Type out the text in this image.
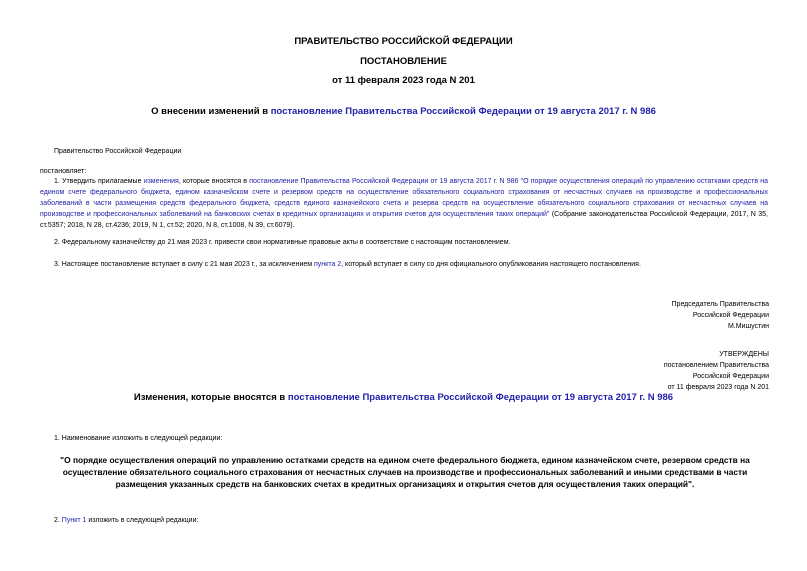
ПРАВИТЕЛЬСТВО РОССИЙСКОЙ ФЕДЕРАЦИИ
ПОСТАНОВЛЕНИЕ
от 11 февраля 2023 года N 201
О внесении изменений в постановление Правительства Российской Федерации от 19 августа 2017 г. N 986
Правительство Российской Федерации
постановляет:
1. Утвердить прилагаемые изменения, которые вносятся в постановление Правительства Российской Федерации от 19 августа 2017 г. N 986 "О порядке осуществления операций по управлению остатками средств на едином счете федерального бюджета, едином казначейском счете и резервом средств на осуществление обязательного социального страхования от несчастных случаев на производстве и профессиональных заболеваний в части размещения средств федерального бюджета, средств единого казначейского счета и резерва средств на осуществление обязательного социального страхования от несчастных случаев на производстве и профессиональных заболеваний на банковских счетах в кредитных организациях и открытия счетов для осуществления таких операций" (Собрание законодательства Российской Федерации, 2017, N 35, ст.5357; 2018, N 28, ст.4236; 2019, N 1, ст.52; 2020, N 8, ст.1008, N 39, ст.6079).
2. Федеральному казначейству до 21 мая 2023 г. привести свои нормативные правовые акты в соответствие с настоящим постановлением.
3. Настоящее постановление вступает в силу с 21 мая 2023 г., за исключением пункта 2, который вступает в силу со дня официального опубликования настоящего постановления.
Председатель Правительства
Российской Федерации
М.Мишустин
УТВЕРЖДЕНЫ
постановлением Правительства
Российской Федерации
от 11 февраля 2023 года N 201
Изменения, которые вносятся в постановление Правительства Российской Федерации от 19 августа 2017 г. N 986
1. Наименование изложить в следующей редакции:
"О порядке осуществления операций по управлению остатками средств на едином счете федерального бюджета, едином казначейском счете, резервом средств на осуществление обязательного социального страхования от несчастных случаев на производстве и профессиональных заболеваний и иными средствами в части размещения указанных средств на банковских счетах в кредитных организациях и открытия счетов для осуществления таких операций".
2. Пункт 1 изложить в следующей редакции:
